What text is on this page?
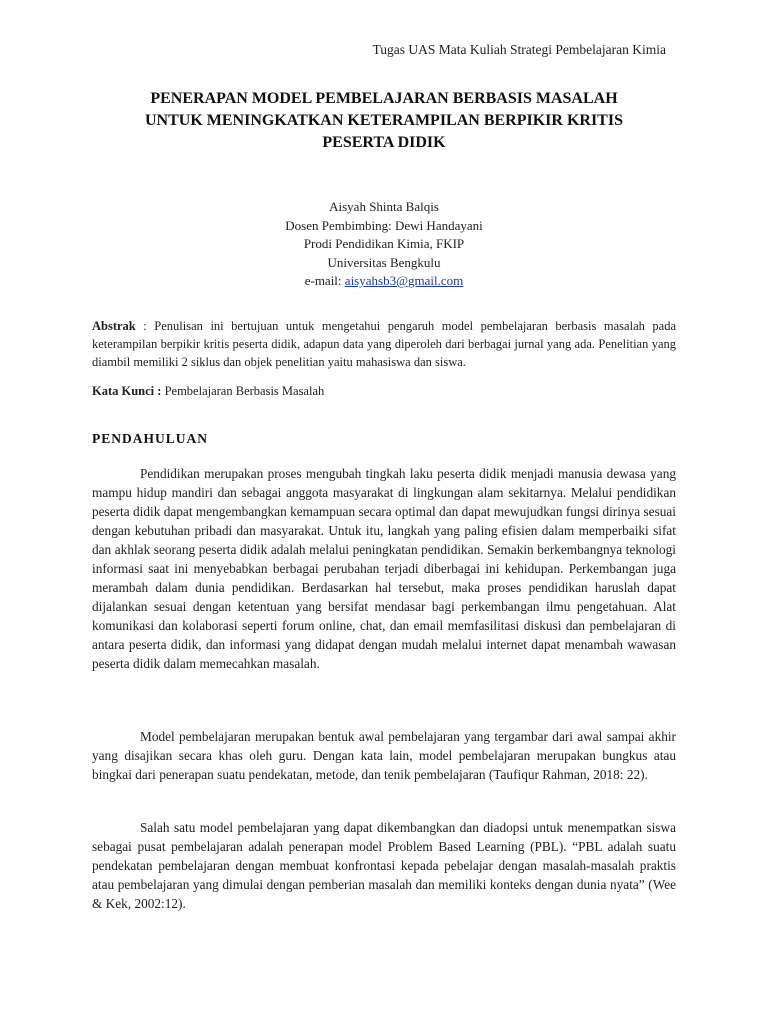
Tugas UAS Mata Kuliah Strategi Pembelajaran Kimia
PENERAPAN MODEL PEMBELAJARAN BERBASIS MASALAH
UNTUK MENINGKATKAN KETERAMPILAN BERPIKIR KRITIS
PESERTA DIDIK
Aisyah Shinta Balqis
Dosen Pembimbing: Dewi Handayani
Prodi Pendidikan Kimia, FKIP
Universitas Bengkulu
e-mail: aisyahsb3@gmail.com

Abstrak : Penulisan ini bertujuan untuk mengetahui pengaruh model pembelajaran berbasis masalah pada keterampilan berpikir kritis peserta didik, adapun data yang diperoleh dari berbagai jurnal yang ada. Penelitian yang diambil memiliki 2 siklus dan objek penelitian yaitu mahasiswa dan siswa.

Kata Kunci : Pembelajaran Berbasis Masalah

PENDAHULUAN

Pendidikan merupakan proses mengubah tingkah laku peserta didik menjadi manusia dewasa yang mampu hidup mandiri dan sebagai anggota masyarakat di lingkungan alam sekitarnya. Melalui pendidikan peserta didik dapat mengembangkan kemampuan secara optimal dan dapat mewujudkan fungsi dirinya sesuai dengan kebutuhan pribadi dan masyarakat. Untuk itu, langkah yang paling efisien dalam memperbaiki sifat dan akhlak seorang peserta didik adalah melalui peningkatan pendidikan. Semakin berkembangnya teknologi informasi saat ini menyebabkan berbagai perubahan terjadi diberbagai ini kehidupan. Perkembangan juga merambah dalam dunia pendidikan. Berdasarkan hal tersebut, maka proses pendidikan haruslah dapat dijalankan sesuai dengan ketentuan yang bersifat mendasar bagi perkembangan ilmu pengetahuan. Alat komunikasi dan kolaborasi seperti forum online, chat, dan email memfasilitasi diskusi dan pembelajaran di antara peserta didik, dan informasi yang didapat dengan mudah melalui internet dapat menambah wawasan peserta didik dalam memecahkan masalah.

Model pembelajaran merupakan bentuk awal pembelajaran yang tergambar dari awal sampai akhir yang disajikan secara khas oleh guru. Dengan kata lain, model pembelajaran merupakan bungkus atau bingkai dari penerapan suatu pendekatan, metode, dan tenik pembelajaran (Taufiqur Rahman, 2018: 22).

Salah satu model pembelajaran yang dapat dikembangkan dan diadopsi untuk menempatkan siswa sebagai pusat pembelajaran adalah penerapan model Problem Based Learning (PBL). “PBL adalah suatu pendekatan pembelajaran dengan membuat konfrontasi kepada pebelajar dengan masalah-masalah praktis atau pembelajaran yang dimulai dengan pemberian masalah dan memiliki konteks dengan dunia nyata” (Wee & Kek, 2002:12).
